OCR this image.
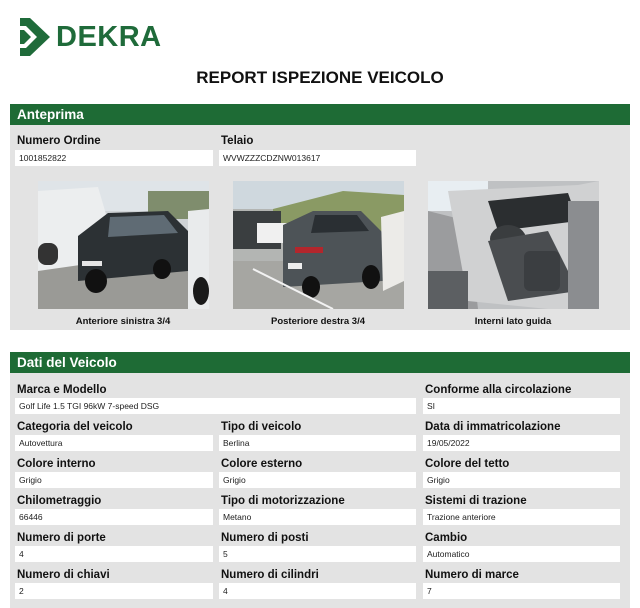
DEKRA
REPORT ISPEZIONE VEICOLO
Anteprima
Numero Ordine
1001852822
Telaio
WVWZZZCDZNW013617
Anteriore sinistra 3/4	Posteriore destra 3/4	Interni lato guida
Dati del Veicolo
Marca e Modello
Golf Life 1.5 TGI 96kW 7-speed DSG
Conforme alla circolazione
SI
Categoria del veicolo
Autovettura
Tipo di veicolo
Berlina
Data di immatricolazione
19/05/2022
Colore interno
Grigio
Colore esterno
Grigio
Colore del tetto
Grigio
Chilometraggio
66446
Tipo di motorizzazione
Metano
Sistemi di trazione
Trazione anteriore
Numero di porte
4
Numero di posti
5
Cambio
Automatico
Numero di chiavi
2
Numero di cilindri
4
Numero di marce
7
